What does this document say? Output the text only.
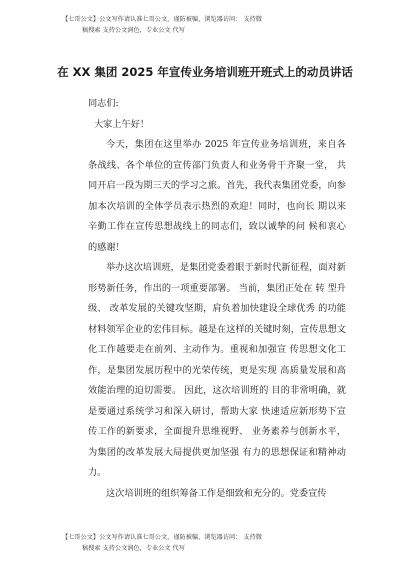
【七哥公文】公文写作请认准七哥公文，谨防被骗，浏览器访问： 支持微
稿搜索 支持公文润色，专业公文 代写
在 XX 集团 2025 年宣传业务培训班开班式上的动员讲话

同志们:

大家上午好！

今天，集团在这里举办 2025 年宣传业务培训班，来自各 条战线、各个单位的宣传部门负责人和业务骨干齐聚一堂， 共同开启一段为期三天的学习之旅。首先，我代表集团党委，向参加本次培训的全体学员表示热烈的欢迎！同时，也向长 期以来辛勤工作在宣传思想战线上的同志们，致以诚挚的问 候和衷心的感谢！

举办这次培训班，是集团党委着眼于新时代新征程，面对新形势新任务，作出的一项重要部署。 当前，集团正处在 转 型升级、 改革发展的关键攻坚期，肩负着加快建设全球优秀 的功能材料领军企业的宏伟目标。越是在这样的关键时刻，宣传思想文化工作越要走在前列、主动作为。重视和加强宣 传思想文化工作，是集团发展历程中的光荣传统，更是实现 高质量发展和高效能治理的迫切需要。 因此，这次培训班的 目的非常明确，就是要通过系统学习和深入研讨，帮助大家 快速适应新形势下宣传工作的新要求，全面提升思维视野、 业务素养与创新水平，为集团的改革发展大局提供更加坚强 有力的思想保证和精神动力。

这次培训班的组织筹备工作是细致和充分的。党委宣传

【七哥公文】公文写作请认准七哥公文，谨防被骗，浏览器访问： 支持微
稿搜索 支持公文润色，专业公文 代写
